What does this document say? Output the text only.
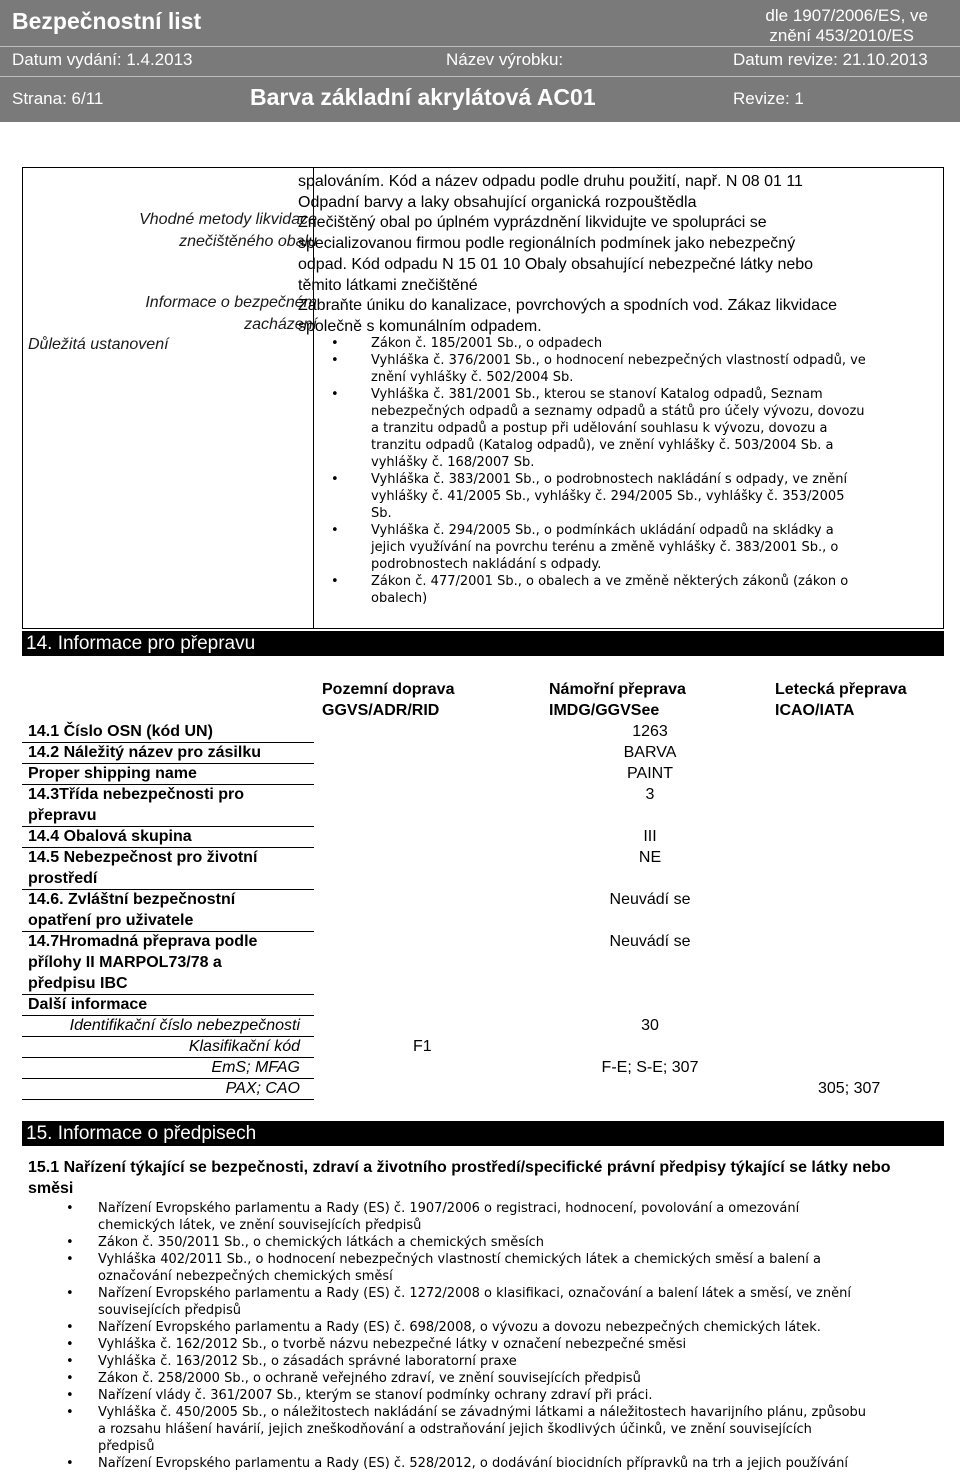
Bezpečnostní list	dle 1907/2006/ES, ve
znění 453/2010/ES
Datum vydání: 1.4.2013	Název výrobku:	Datum revize: 21.10.2013
Strana: 6/11	Barva základní akrylátová AC01	Revize: 1
spalováním. Kód a název odpadu podle druhu použití, např. N 08 01 11
Odpadní barvy a laky obsahující organická rozpouštědla
Vhodné metody likvidace
znečištěného obalu
Znečištěný obal po úplném vyprázdnění likvidujte ve spolupráci se
specializovanou firmou podle regionálních podmínek jako nebezpečný
odpad. Kód odpadu N 15 01 10 Obaly obsahující nebezpečné látky nebo
těmito látkami znečištěné
Informace o bezpečném
zacházení
Zabraňte úniku do kanalizace, povrchových a spodních vod. Zákaz likvidace
společně s komunálním odpadem.
Důležitá ustanovení
•	Zákon č. 185/2001 Sb., o odpadech
• Vyhláška č. 376/2001 Sb., o hodnocení nebezpečných vlastností odpadů, ve
znění vyhlášky č. 502/2004 Sb.
• Vyhláška č. 381/2001 Sb., kterou se stanoví Katalog odpadů, Seznam
nebezpečných odpadů a seznamy odpadů a států pro účely vývozu, dovozu
a tranzitu odpadů a postup při udělování souhlasu k vývozu, dovozu a
tranzitu odpadů (Katalog odpadů), ve znění vyhlášky č. 503/2004 Sb. a
vyhlášky č. 168/2007 Sb.
• Vyhláška č. 383/2001 Sb., o podrobnostech nakládání s odpady, ve znění
vyhlášky č. 41/2005 Sb., vyhlášky č. 294/2005 Sb., vyhlášky č. 353/2005
Sb.
• Vyhláška č. 294/2005 Sb., o podmínkách ukládání odpadů na skládky a
jejich využívání na povrchu terénu a změně vyhlášky č. 383/2001 Sb., o
podrobnostech nakládání s odpady.
• Zákon č. 477/2001 Sb., o obalech a ve změně některých zákonů (zákon o
obalech)
14. Informace pro přepravu
Pozemní doprava
GGVS/ADR/RID
Námořní přeprava
IMDG/GGVSee
Letecká přeprava
ICAO/IATA
14.1 Číslo OSN (kód UN)	1263
14.2 Náležitý název pro zásilku	BARVA
Proper shipping name	PAINT
14.3Třída nebezpečnosti pro
přepravu
3
14.4 Obalová skupina	III
14.5 Nebezpečnost pro životní
prostředí
NE
14.6. Zvláštní bezpečnostní
opatření pro uživatele
Neuvádí se
14.7Hromadná přeprava podle
přílohy II MARPOL73/78 a
předpisu IBC
Neuvádí se
Další informace
Identifikační číslo nebezpečnosti	30
Klasifikační kód	F1
EmS; MFAG	F-E; S-E; 307
PAX; CAO	305; 307
15. Informace o předpisech
15.1 Nařízení týkající se bezpečnosti, zdraví a životního prostředí/specifické právní předpisy týkající se látky nebo směsi
• Nařízení Evropského parlamentu a Rady (ES) č. 1907/2006 o registraci, hodnocení, povolování a omezování
chemických látek, ve znění souvisejících předpisů
• Zákon č. 350/2011 Sb., o chemických látkách a chemických směsích
• Vyhláška 402/2011 Sb., o hodnocení nebezpečných vlastností chemických látek a chemických směsí a balení a
označování nebezpečných chemických směsí
• Nařízení Evropského parlamentu a Rady (ES) č. 1272/2008 o klasifikaci, označování a balení látek a směsí, ve znění
souvisejících předpisů
• Nařízení Evropského parlamentu a Rady (ES) č. 698/2008, o vývozu a dovozu nebezpečných chemických látek.
• Vyhláška č. 162/2012 Sb., o tvorbě názvu nebezpečné látky v označení nebezpečné směsi
• Vyhláška č. 163/2012 Sb., o zásadách správné laboratorní praxe
• Zákon č. 258/2000 Sb., o ochraně veřejného zdraví, ve znění souvisejících předpisů
• Nařízení vlády č. 361/2007 Sb., kterým se stanoví podmínky ochrany zdraví při práci.
• Vyhláška č. 450/2005 Sb., o náležitostech nakládání se závadnými látkami a náležitostech havarijního plánu, způsobu
a rozsahu hlášení havárií, jejich zneškodňování a odstraňování jejich škodlivých účinků, ve znění souvisejících
předpisů
• Nařízení Evropského parlamentu a Rady (ES) č. 528/2012, o dodávání biocidních přípravků na trh a jejich používání
